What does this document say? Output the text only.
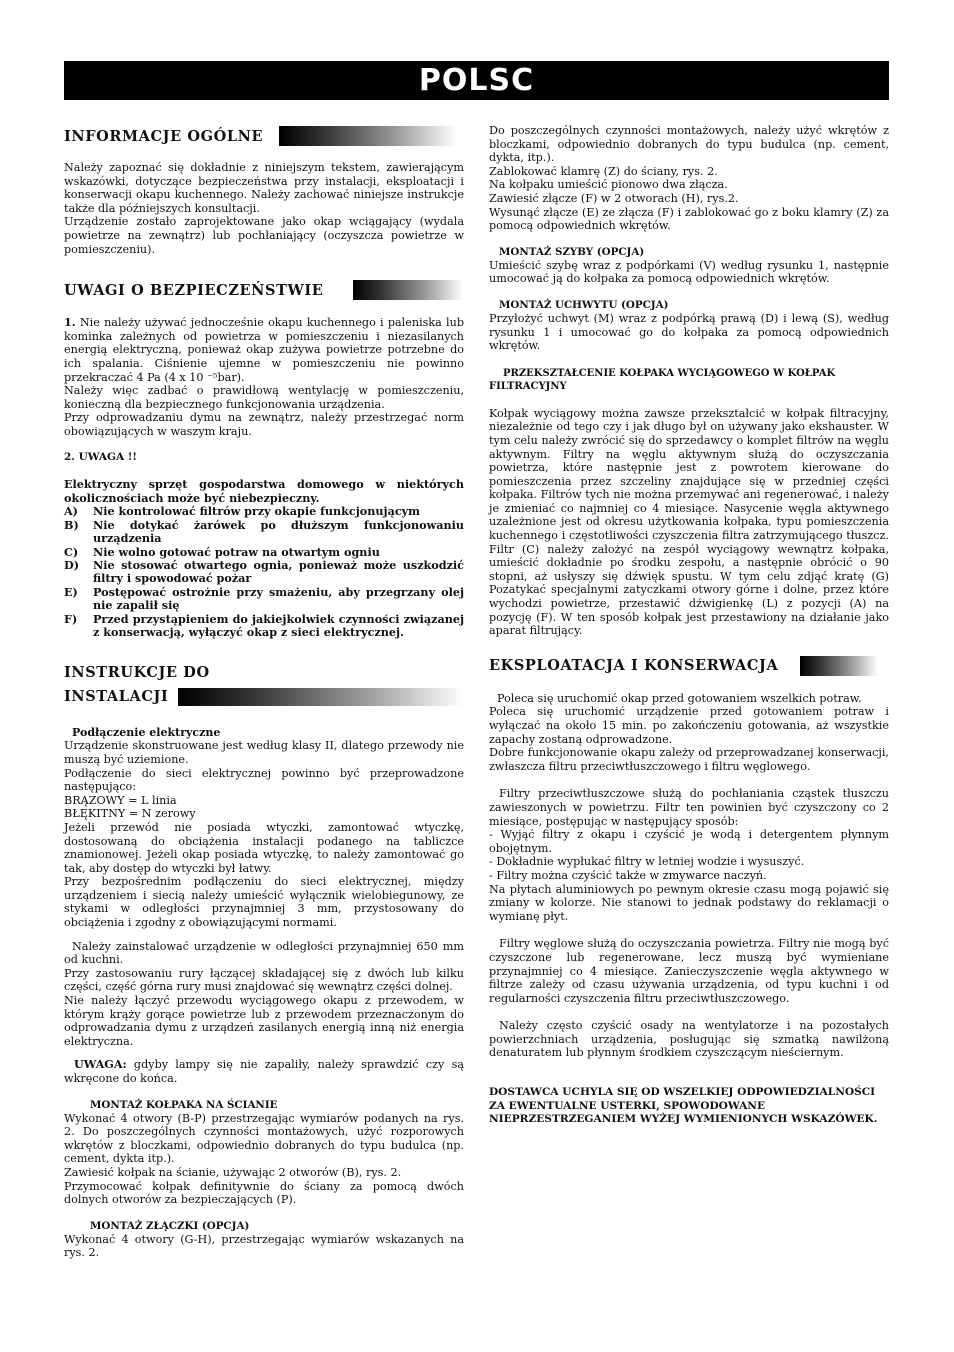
POLSC
INFORMACJE OGÓLNE

Należy zapoznać się dokładnie z niniejszym tekstem, zawierającym wskazówki, dotyczące bezpieczeństwa przy instalacji, eksploatacji i konserwacji okapu kuchennego. Należy zachować niniejsze instrukcje także dla późniejszych konsultacji.

Urządzenie zostało zaprojektowane jako okap wciągający (wydala powietrze na zewnątrz) lub pochłaniający (oczyszcza powietrze w pomieszczeniu).

UWAGI O BEZPIECZEŃSTWIE

1. Nie należy używać jednocześnie okapu kuchennego i paleniska lub kominka zależnych od powietrza w pomieszczeniu i niezasilanych energią elektryczną, ponieważ okap zużywa powietrze potrzebne do ich spalania. Ciśnienie ujemne w pomieszczeniu nie powinno przekraczać 4 Pa (4 x 10 ⁻⁵bar).

Należy więc zadbać o prawidłową wentylację w pomieszczeniu, konieczną dla bezpiecznego funkcjonowania urządzenia.

Przy odprowadzaniu dymu na zewnątrz, należy przestrzegać norm obowiązujących w waszym kraju.

2. UWAGA !!

Elektryczny sprzęt gospodarstwa domowego w niektórych okolicznościach może być niebezpieczny.

A)	Nie kontrolować filtrów przy okapie funkcjonującym
B)	Nie dotykać żarówek po dłuższym funkcjonowaniu urządzenia
C)	Nie wolno gotować potraw na otwartym ogniu
D)	Nie stosować otwartego ognia, ponieważ może uszkodzić filtry i spowodować pożar
E)	Postępować ostrożnie przy smażeniu, aby przegrzany olej nie zapalił się
F)	Przed przystąpieniem do jakiejkolwiek czynności związanej z konserwacją, wyłączyć okap z sieci elektrycznej.
INSTRUKCJE DO
INSTALACJI

Podłączenie elektryczne

Urządzenie skonstruowane jest według klasy II, dlatego przewody nie muszą być uziemione.

Podłączenie do sieci elektrycznej powinno być przeprowadzone następująco:

BRĄZOWY = L linia

BŁĘKITNY = N zerowy

Jeżeli przewód nie posiada wtyczki, zamontować wtyczkę, dostosowaną do obciążenia instalacji podanego na tabliczce znamionowej. Jeżeli okap posiada wtyczkę, to należy zamontować go tak, aby dostęp do wtyczki był łatwy.

Przy bezpośrednim podłączeniu do sieci elektrycznej, między urządzeniem i siecią należy umieścić wyłącznik wielobiegunowy, ze stykami w odległości przynajmniej 3 mm, przystosowany do obciążenia i zgodny z obowiązującymi normami.

Należy zainstalować urządzenie w odległości przynajmniej 650 mm od kuchni.

Przy zastosowaniu rury łączącej składającej się z dwóch lub kilku części, część górna rury musi znajdować się wewnątrz części dolnej.

Nie należy łączyć przewodu wyciągowego okapu z przewodem, w którym krąży gorące powietrze lub z przewodem przeznaczonym do odprowadzania dymu z urządzeń zasilanych energią inną niż energia elektryczna.

UWAGA: gdyby lampy się nie zapaliły, należy sprawdzić czy są wkręcone do końca.

MONTAŻ KOŁPAKA NA ŚCIANIE

Wykonać 4 otwory (B-P) przestrzegając wymiarów podanych na rys. 2. Do poszczególnych czynności montażowych, użyć rozporowych wkrętów z bloczkami, odpowiednio dobranych do typu budulca (np. cement, dykta itp.).

Zawiesić kołpak na ścianie, używając 2 otworów (B), rys. 2.

Przymocować kołpak definitywnie do ściany za pomocą dwóch dolnych otworów za bezpieczających (P).

MONTAŻ ZŁĄCZKI (OPCJA)

Wykonać 4 otwory (G-H), przestrzegając wymiarów wskazanych na rys. 2.

Do poszczególnych czynności montażowych, należy użyć wkrętów z bloczkami, odpowiednio dobranych do typu budulca (np. cement, dykta, itp.).

Zablokować klamrę (Z) do ściany, rys. 2.

Na kołpaku umieścić pionowo dwa złącza.

Zawiesić złącze (F) w 2 otworach (H), rys.2.

Wysunąć złącze (E) ze złącza (F) i zablokować go z boku klamry (Z) za pomocą odpowiednich wkrętów.

MONTAŻ SZYBY (OPCJA)

Umieścić szybę wraz z podpórkami (V) według rysunku 1, następnie umocować ją do kołpaka za pomocą odpowiednich wkrętów.

MONTAŻ UCHWYTU (OPCJA)

Przyłożyć uchwyt (M) wraz z podpórką prawą (D) i lewą (S), według rysunku 1 i umocować go do kołpaka za pomocą odpowiednich wkrętów.

PRZEKSZTAŁCENIE KOŁPAKA WYCIĄGOWEGO W KOŁPAK FILTRACYJNY

Kołpak wyciągowy można zawsze przekształcić w kołpak filtracyjny, niezależnie od tego czy i jak długo był on używany jako ekshauster. W tym celu należy zwrócić się do sprzedawcy o komplet filtrów na węglu aktywnym. Filtry na węglu aktywnym służą do oczyszczania powietrza, które następnie jest z powrotem kierowane do pomieszczenia przez szczeliny znajdujące się w przedniej części kołpaka. Filtrów tych nie można przemywać ani regenerować, i należy je zmieniać co najmniej co 4 miesiące. Nasycenie węgla aktywnego uzależnione jest od okresu użytkowania kołpaka, typu pomieszczenia kuchennego i częstotliwości czyszczenia filtra zatrzymującego tłuszcz. Filtr (C) należy założyć na zespół wyciągowy wewnątrz kołpaka, umieścić dokładnie po środku zespołu, a następnie obrócić o 90 stopni, aż usłyszy się dźwięk spustu. W tym celu zdjąć kratę (G) Pozatykać specjalnymi zatyczkami otwory górne i dolne, przez które wychodzi powietrze, przestawić dźwigienkę (L) z pozycji (A) na pozycję (F). W ten sposób kołpak jest przestawiony na działanie jako aparat filtrujący.

EKSPLOATACJA I KONSERWACJA

Poleca się uruchomić okap przed gotowaniem wszelkich potraw.

Poleca się uruchomić urządzenie przed gotowaniem potraw i wyłączać na około 15 min. po zakończeniu gotowania, aż wszystkie zapachy zostaną odprowadzone.

Dobre funkcjonowanie okapu zależy od przeprowadzanej konserwacji, zwłaszcza filtru przeciwtłuszczowego i filtru węglowego.

Filtry przeciwtłuszczowe służą do pochłaniania cząstek tłuszczu zawieszonych w powietrzu. Filtr ten powinien być czyszczony co 2 miesiące, postępując w następujący sposób:

- Wyjąć filtry z okapu i czyścić je wodą i detergentem płynnym obojętnym.

- Dokładnie wypłukać filtry w letniej wodzie i wysuszyć.

- Filtry można czyścić także w zmywarce naczyń.

Na płytach aluminiowych po pewnym okresie czasu mogą pojawić się zmiany w kolorze. Nie stanowi to jednak podstawy do reklamacji o wymianę płyt.

Filtry węglowe służą do oczyszczania powietrza. Filtry nie mogą być czyszczone lub regenerowane, lecz muszą być wymieniane przynajmniej co 4 miesiące. Zanieczyszczenie węgla aktywnego w filtrze zależy od czasu używania urządzenia, od typu kuchni i od regularności czyszczenia filtru przeciwtłuszczowego.

Należy często czyścić osady na wentylatorze i na pozostałych powierzchniach urządzenia, posługując się szmatką nawilżoną denaturatem lub płynnym środkiem czyszczącym nieściernym.

DOSTAWCA UCHYLA SIĘ OD WSZELKIEJ ODPOWIEDZIALNOŚCI ZA EWENTUALNE USTERKI, SPOWODOWANE NIEPRZESTRZEGANIEM WYŻEJ WYMIENIONYCH WSKAZÓWEK.
